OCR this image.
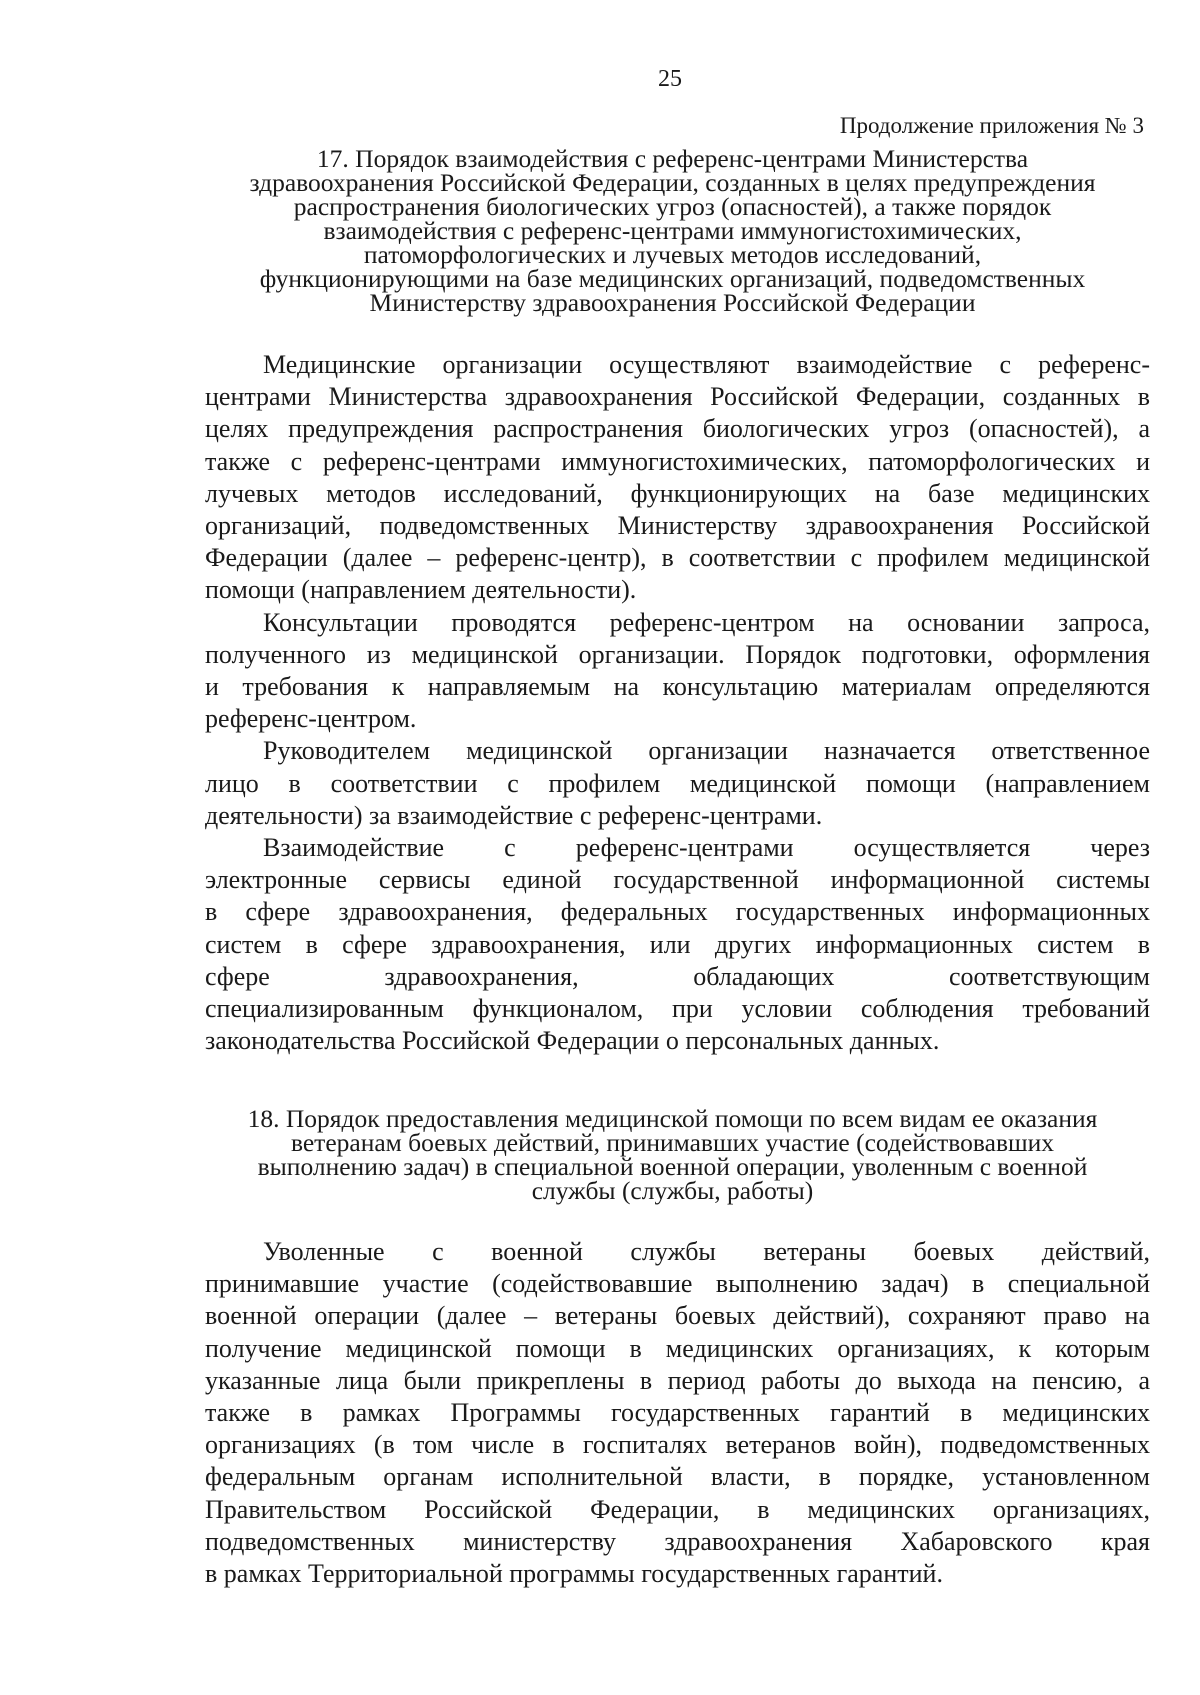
25
Продолжение приложения № 3
17. Порядок взаимодействия с референс-центрами Министерства
здравоохранения Российской Федерации, созданных в целях предупреждения
распространения биологических угроз (опасностей), а также порядок
взаимодействия с референс-центрами иммуногистохимических,
патоморфологических и лучевых методов исследований,
функционирующими на базе медицинских организаций, подведомственных
Министерству здравоохранения Российской Федерации

Медицинские организации осуществляют взаимодействие с референс-
центрами Министерства здравоохранения Российской Федерации, созданных в
целях предупреждения распространения биологических угроз (опасностей), а
также с референс-центрами иммуногистохимических, патоморфологических и
лучевых методов исследований, функционирующих на базе медицинских
организаций, подведомственных Министерству здравоохранения Российской
Федерации (далее – референс-центр), в соответствии с профилем медицинской
помощи (направлением деятельности).

Консультации проводятся референс-центром на основании запроса,
полученного из медицинской организации. Порядок подготовки, оформления
и требования к направляемым на консультацию материалам определяются
референс-центром.

Руководителем медицинской организации назначается ответственное
лицо в соответствии с профилем медицинской помощи (направлением
деятельности) за взаимодействие с референс-центрами.

Взаимодействие с референс-центрами осуществляется через
электронные сервисы единой государственной информационной системы
в сфере здравоохранения, федеральных государственных информационных
систем в сфере здравоохранения, или других информационных систем в
сфере здравоохранения, обладающих соответствующим
специализированным функционалом, при условии соблюдения требований
законодательства Российской Федерации о персональных данных.

18. Порядок предоставления медицинской помощи по всем видам ее оказания
ветеранам боевых действий, принимавших участие (содействовавших
выполнению задач) в специальной военной операции, уволенным с военной
службы (службы, работы)

Уволенные с военной службы ветераны боевых действий,
принимавшие участие (содействовавшие выполнению задач) в специальной
военной операции (далее – ветераны боевых действий), сохраняют право на
получение медицинской помощи в медицинских организациях, к которым
указанные лица были прикреплены в период работы до выхода на пенсию, а
также в рамках Программы государственных гарантий в медицинских
организациях (в том числе в госпиталях ветеранов войн), подведомственных
федеральным органам исполнительной власти, в порядке, установленном
Правительством Российской Федерации, в медицинских организациях,
подведомственных министерству здравоохранения Хабаровского края
в рамках Территориальной программы государственных гарантий.
